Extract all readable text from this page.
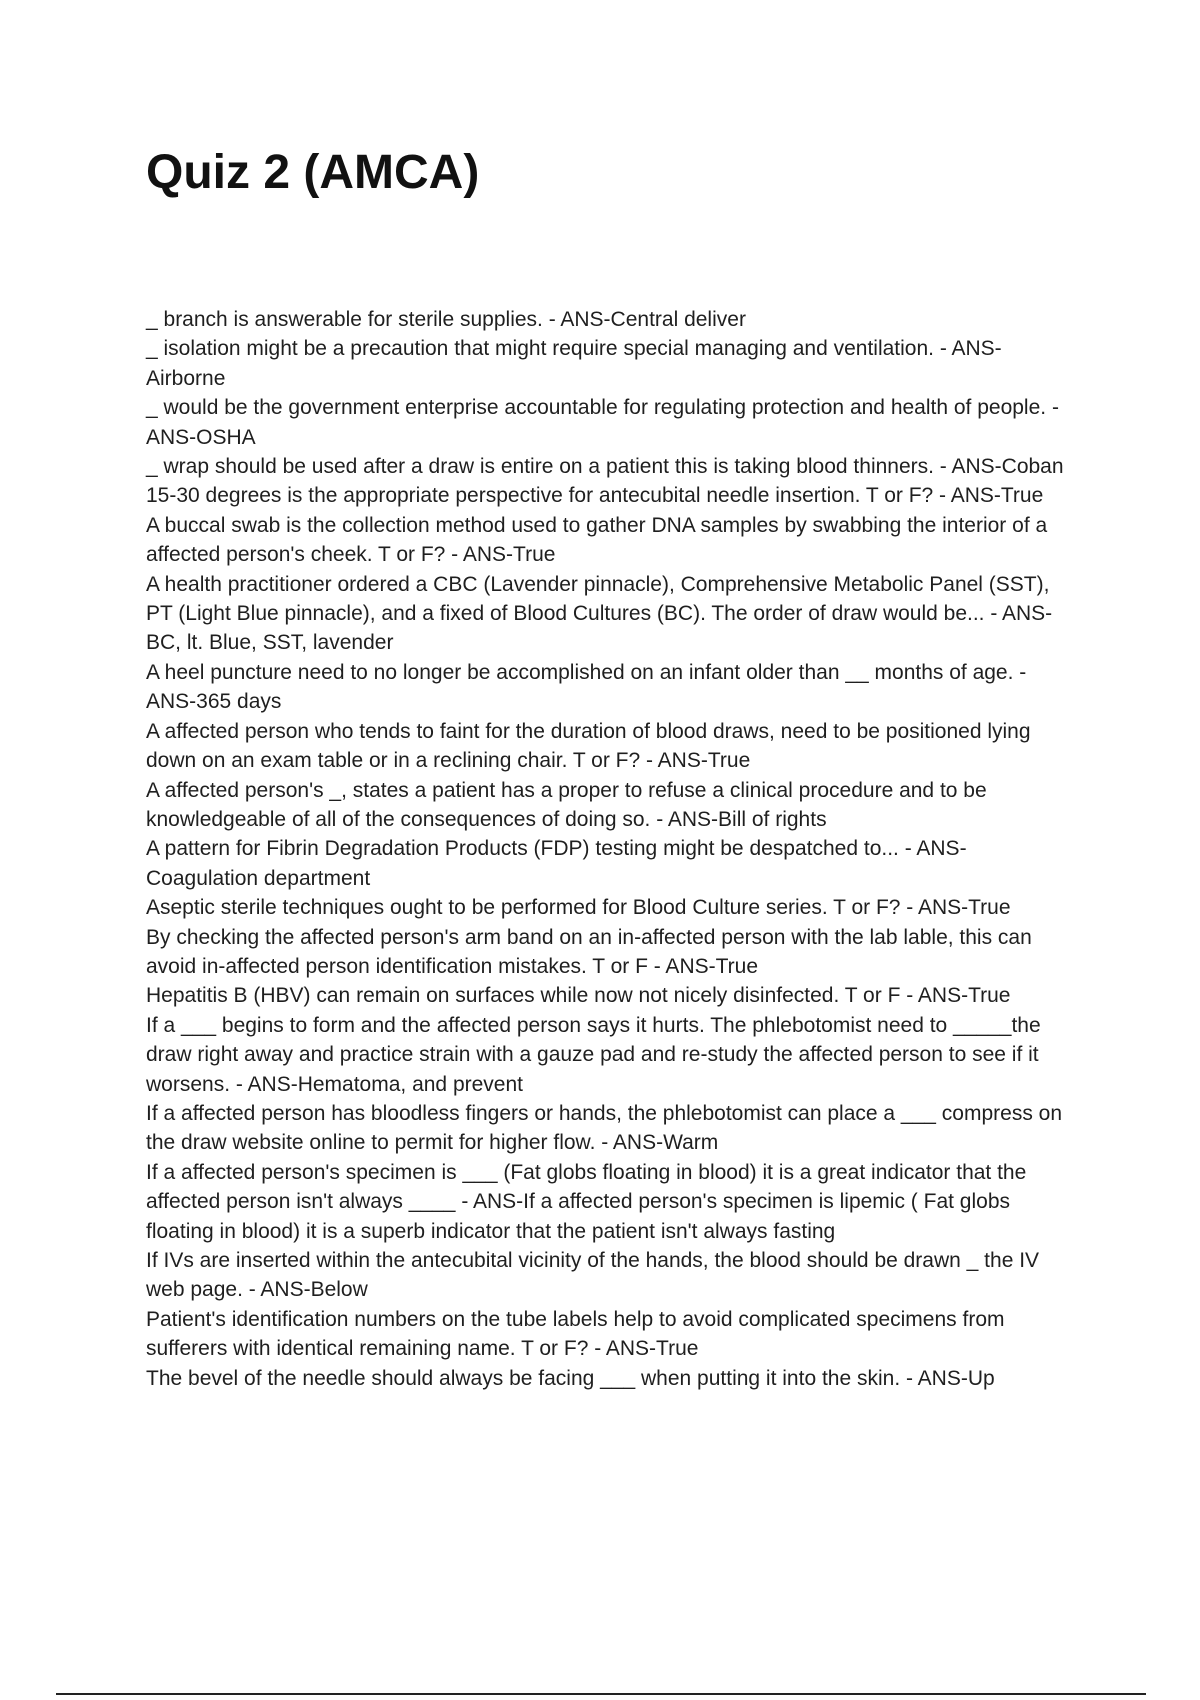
Quiz 2 (AMCA)

_ branch is answerable for sterile supplies. - ANS-Central deliver

_ isolation might be a precaution that might require special managing and ventilation. - ANS-Airborne

_ would be the government enterprise accountable for regulating protection and health of people. - ANS-OSHA

_ wrap should be used after a draw is entire on a patient this is taking blood thinners. - ANS-Coban

15-30 degrees is the appropriate perspective for antecubital needle insertion. T or F? - ANS-True

A buccal swab is the collection method used to gather DNA samples by swabbing the interior of a affected person's cheek. T or F? - ANS-True

A health practitioner ordered a CBC (Lavender pinnacle), Comprehensive Metabolic Panel (SST), PT (Light Blue pinnacle), and a fixed of Blood Cultures (BC). The order of draw would be... - ANS-BC, lt. Blue, SST, lavender

A heel puncture need to no longer be accomplished on an infant older than __ months of age. - ANS-365 days

A affected person who tends to faint for the duration of blood draws, need to be positioned lying down on an exam table or in a reclining chair. T or F? - ANS-True

A affected person's _, states a patient has a proper to refuse a clinical procedure and to be knowledgeable of all of the consequences of doing so. - ANS-Bill of rights

A pattern for Fibrin Degradation Products (FDP) testing might be despatched to... - ANS-Coagulation department

Aseptic sterile techniques ought to be performed for Blood Culture series. T or F? - ANS-True

By checking the affected person's arm band on an in-affected person with the lab lable, this can avoid in-affected person identification mistakes. T or F - ANS-True

Hepatitis B (HBV) can remain on surfaces while now not nicely disinfected. T or F - ANS-True

If a ___ begins to form and the affected person says it hurts. The phlebotomist need to _____the draw right away and practice strain with a gauze pad and re-study the affected person to see if it worsens. - ANS-Hematoma, and prevent

If a affected person has bloodless fingers or hands, the phlebotomist can place a ___ compress on the draw website online to permit for higher flow. - ANS-Warm

If a affected person's specimen is ___ (Fat globs floating in blood) it is a great indicator that the affected person isn't always ____ - ANS-If a affected person's specimen is lipemic ( Fat globs floating in blood) it is a superb indicator that the patient isn't always fasting

If IVs are inserted within the antecubital vicinity of the hands, the blood should be drawn _ the IV web page. - ANS-Below

Patient's identification numbers on the tube labels help to avoid complicated specimens from sufferers with identical remaining name. T or F? - ANS-True

The bevel of the needle should always be facing ___ when putting it into the skin. - ANS-Up
